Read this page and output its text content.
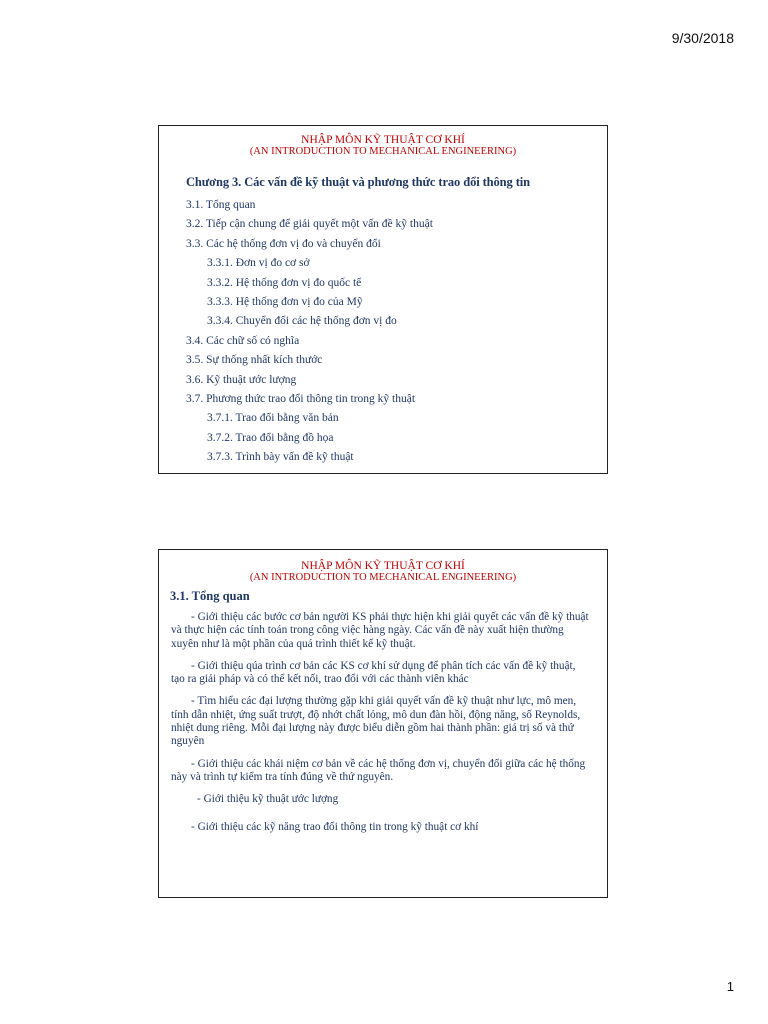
9/30/2018
NHẬP MÔN KỸ THUẬT CƠ KHÍ
(AN INTRODUCTION TO MECHANICAL ENGINEERING)
Chương 3. Các vấn đề kỹ thuật và phương thức trao đổi thông tin
3.1. Tổng quan
3.2. Tiếp cận chung để giải quyết một vấn đề kỹ thuật
3.3. Các hệ thống đơn vị đo và chuyển đổi
3.3.1. Đơn vị đo cơ sở
3.3.2. Hệ thống đơn vị đo quốc tế
3.3.3. Hệ thống đơn vị đo của Mỹ
3.3.4. Chuyển đổi các hệ thống đơn vị đo
3.4. Các chữ số có nghĩa
3.5. Sự thống nhất kích thước
3.6. Kỹ thuật ước lượng
3.7. Phương thức trao đổi thông tin trong kỹ thuật
3.7.1. Trao đổi bằng văn bản
3.7.2. Trao đổi bằng đồ họa
3.7.3. Trình bày vấn đề kỹ thuật
NHẬP MÔN KỸ THUẬT CƠ KHÍ
(AN INTRODUCTION TO MECHANICAL ENGINEERING)
3.1. Tổng quan

- Giới thiệu các bước cơ bản người KS phải thực hiện khi giải quyết các vấn đề kỹ thuật và thực hiện các tính toán trong công việc hàng ngày. Các vấn đề này xuất hiện thường xuyên như là một phần của quá trình thiết kế kỹ thuật.

- Giới thiệu qúa trình cơ bản các KS cơ khí sử dụng để phân tích các vấn đề kỹ thuật, tạo ra giải pháp và có thể kết nối, trao đổi với các thành viên khác

- Tìm hiểu các đại lượng thường gặp khi giải quyết vấn đề kỹ thuật như lực, mô men, tính dẫn nhiệt, ứng suất trượt, độ nhớt chất lỏng, mô dun đàn hồi, động năng, số Reynolds, nhiệt dung riêng. Mỗi đại lượng này được biểu diễn gồm hai thành phần: giá trị số và thứ nguyên

- Giới thiệu các khái niệm cơ bản về các hệ thống đơn vị, chuyển đổi giữa các hệ thống này và trình tự kiểm tra tính đúng về thứ nguyên.

- Giới thiệu kỹ thuật ước lượng

- Giới thiệu các kỹ năng trao đổi thông tin trong kỹ thuật cơ khí

1
